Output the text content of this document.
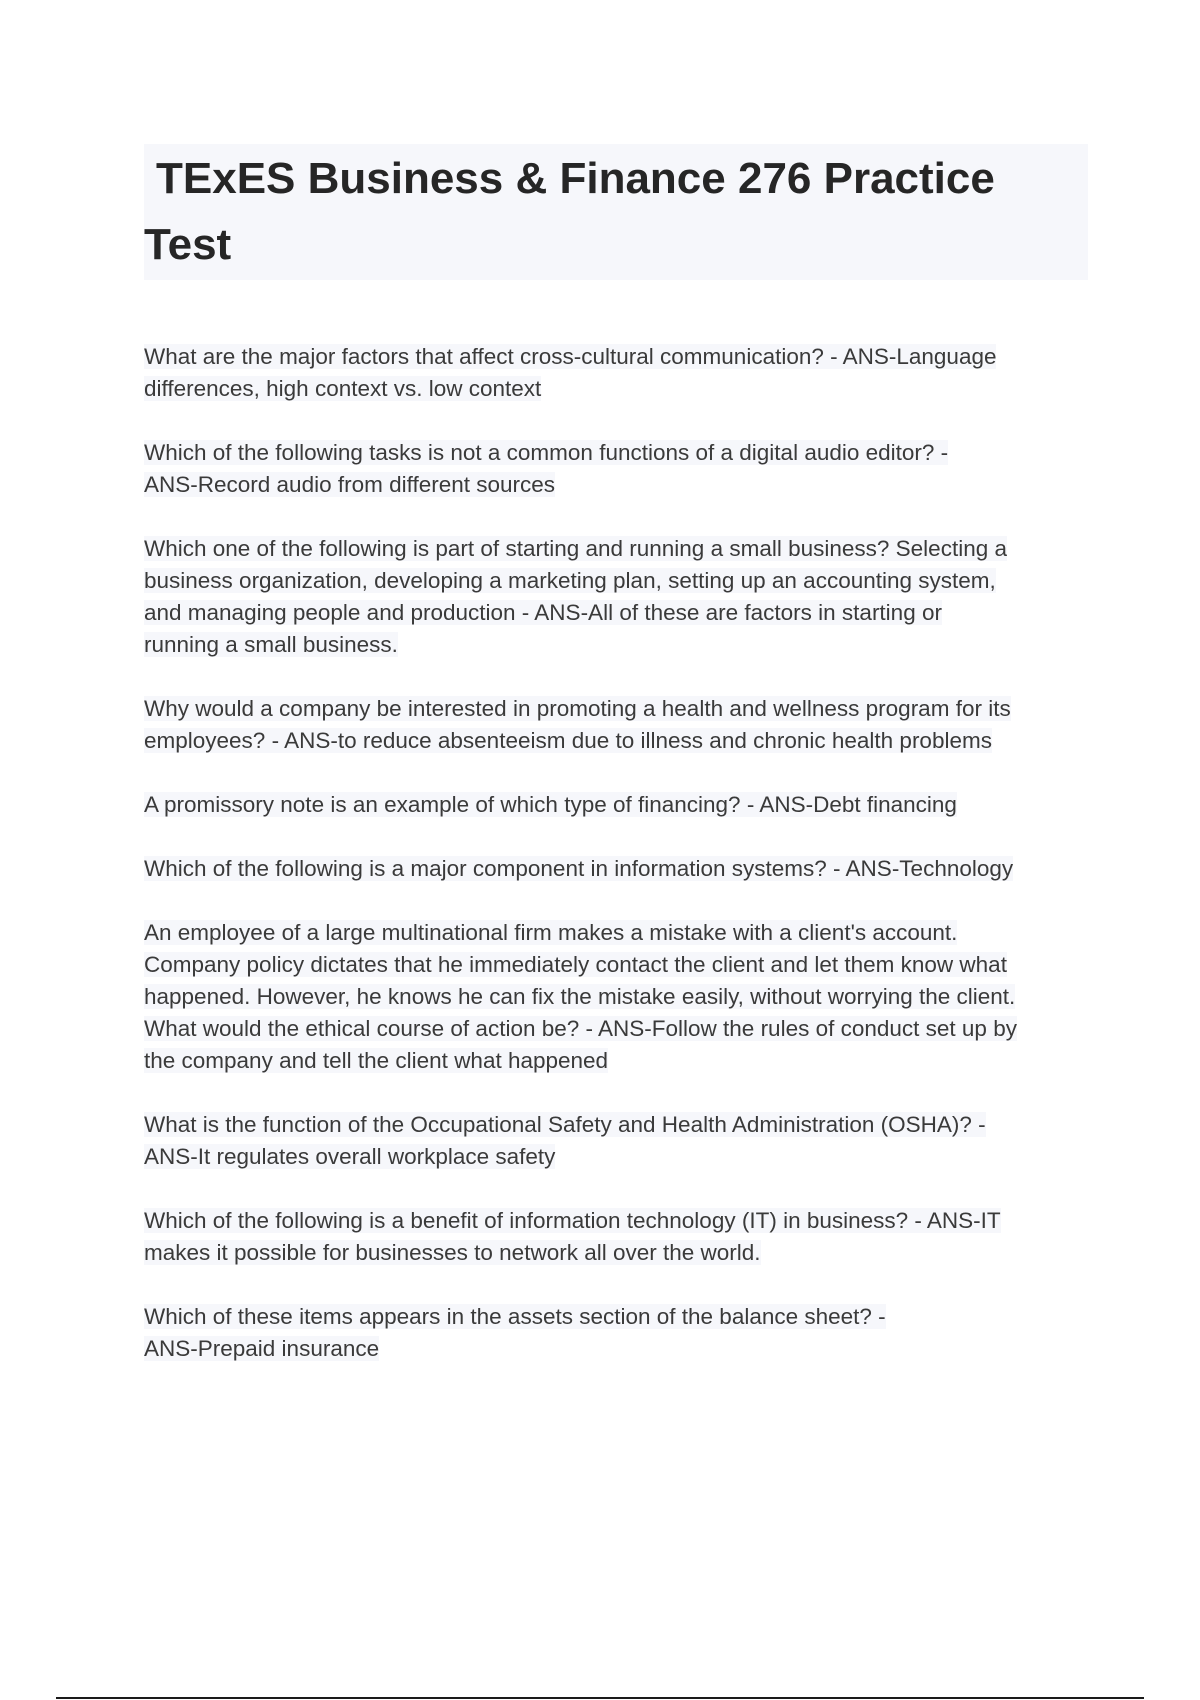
TExES Business & Finance 276 Practice Test

What are the major factors that affect cross-cultural communication? - ANS-Language
differences, high context vs. low context

Which of the following tasks is not a common functions of a digital audio editor? -
ANS-Record audio from different sources

Which one of the following is part of starting and running a small business? Selecting a
business organization, developing a marketing plan, setting up an accounting system,
and managing people and production - ANS-All of these are factors in starting or
running a small business.

Why would a company be interested in promoting a health and wellness program for its
employees? - ANS-to reduce absenteeism due to illness and chronic health problems

A promissory note is an example of which type of financing? - ANS-Debt financing

Which of the following is a major component in information systems? - ANS-Technology

An employee of a large multinational firm makes a mistake with a client's account.
Company policy dictates that he immediately contact the client and let them know what
happened. However, he knows he can fix the mistake easily, without worrying the client.
What would the ethical course of action be? - ANS-Follow the rules of conduct set up by
the company and tell the client what happened

What is the function of the Occupational Safety and Health Administration (OSHA)? -
ANS-It regulates overall workplace safety

Which of the following is a benefit of information technology (IT) in business? - ANS-IT
makes it possible for businesses to network all over the world.

Which of these items appears in the assets section of the balance sheet? -
ANS-Prepaid insurance
